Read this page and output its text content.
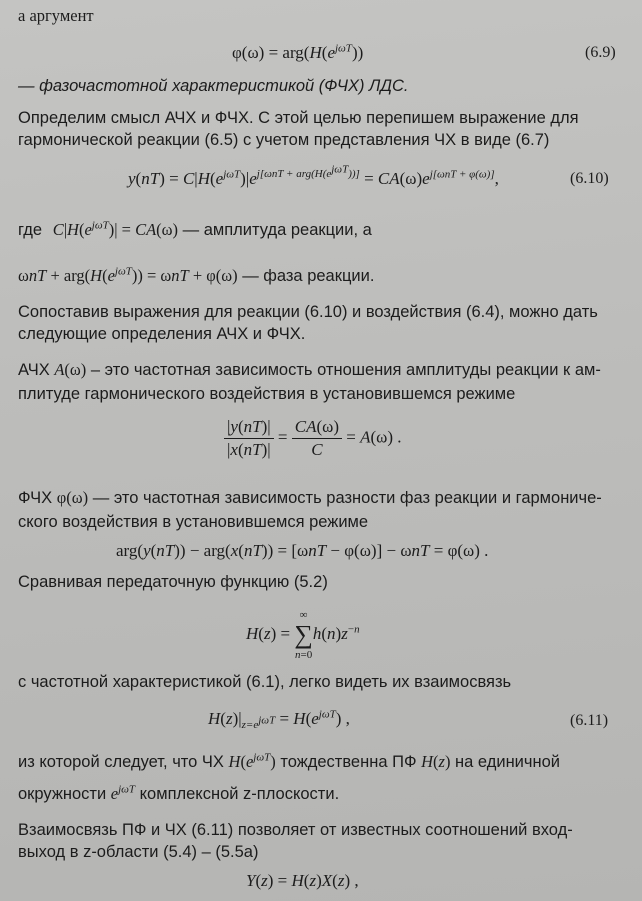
а аргумент
$\varphi(\omega) = arg(H(e^{j\omega T}))$	(6.9)
— фазочастотной характеристикой (ФЧХ) ЛДС.
Определим смысл АЧХ и ФЧХ. С этой целью перепишем выражение для
гармонической реакции (6.5) с учетом представления ЧХ в виде (6.7)
$y(nT) = C|H(e^{j\omega T})|e^{j[\omega nT + arg(H(e^{j\omega T}))]} = CA(\omega)e^{j[\omega nT + \varphi(\omega)]}$,	(6.10)
где $C|H(e^{j\omega T})| = CA(\omega)$ — амплитуда реакции, а
$\omega nT + arg(H(e^{j\omega T})) = \omega nT + \varphi(\omega)$ — фаза реакции.
Сопоставив выражения для реакции (6.10) и воздействия (6.4), можно дать
следующие определения АЧХ и ФЧХ.
АЧХ A(ω) – это частотная зависимость отношения амплитуды реакции к ам-
плитуде гармонического воздействия в установившемся режиме
$\frac{|y(nT)|}{|x(nT)|} = \frac{CA(\omega)}{C} = A(\omega)$ .
ФЧХ φ(ω) — это частотная зависимость разности фаз реакции и гармониче-
ского воздействия в установившемся режиме
arg(y(nT)) − arg(x(nT)) = [ωnT − φ(ω)] − ωnT = φ(ω) .
Сравнивая передаточную функцию (5.2)
H(z) =
∞
∑
n=0
$h(n)z^{-n}$
с частотной характеристикой (6.1), легко видеть их взаимосвязь
$H(z)|_{z=e^{j\omega T}} = H(e^{j\omega T})$ ,	(6.11)
из которой следует, что ЧХ $H(e^{j\omega T})$ тождественна ПФ H(z) на единичной
окружности $e^{j\omega T}$ комплексной z-плоскости.
Взаимосвязь ПФ и ЧХ (6.11) позволяет от известных соотношений вход-
выход в z-области (5.4) – (5.5а)
Y(z) = H(z)X(z) ,
